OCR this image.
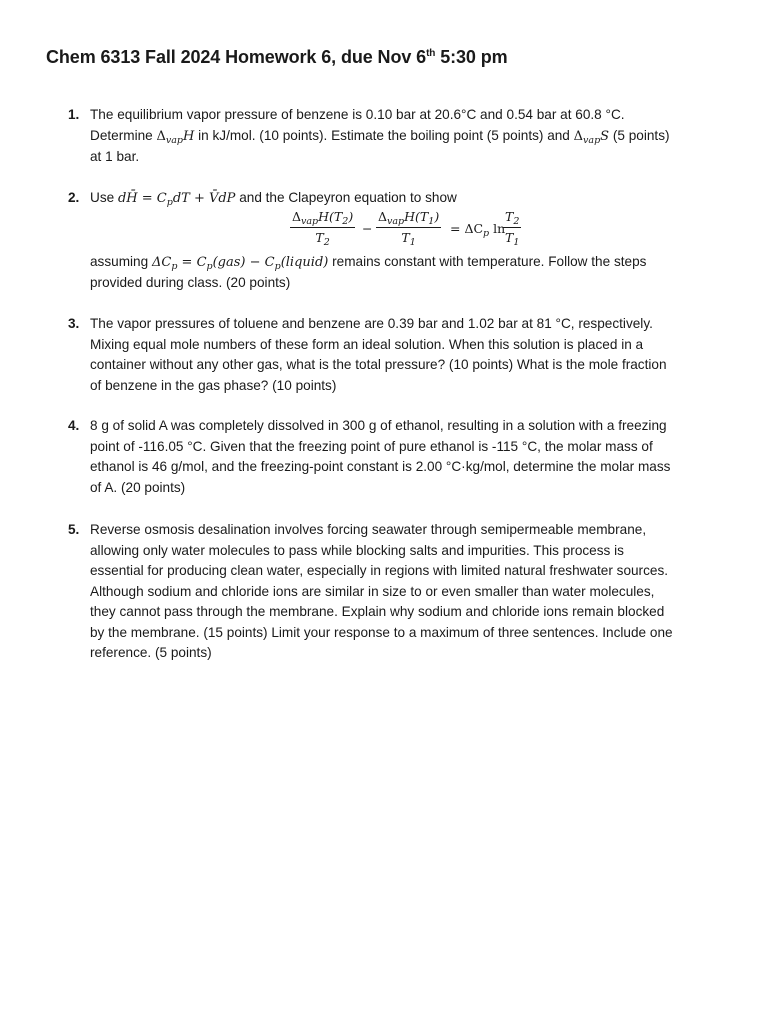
Chem 6313 Fall 2024 Homework 6, due Nov 6th 5:30 pm
1. The equilibrium vapor pressure of benzene is 0.10 bar at 20.6°C and 0.54 bar at 60.8 °C.
Determine $\Delta_{vap}H$ in kJ/mol. (10 points). Estimate the boiling point (5 points) and $\Delta_{vap}S$ (5 points)
at 1 bar.
2. Use dH̄ = $C_pdT$ + V̄dP and the Clapeyron equation to show
assuming $\Delta C_p = C_p(gas)$ − $C_p(liquid)$ remains constant with temperature. Follow the steps
provided during class. (20 points)
$\Delta_{vap}H(T_2)$
$T_2$
−
$\Delta_{vap}H(T_1)$
$T_1$
= $\Delta C_p$ ln
$\frac{T_2}{T_1}$
3. The vapor pressures of toluene and benzene are 0.39 bar and 1.02 bar at 81 °C, respectively.
Mixing equal mole numbers of these form an ideal solution. When this solution is placed in a
container without any other gas, what is the total pressure? (10 points) What is the mole fraction
of benzene in the gas phase? (10 points)
4. 8 g of solid A was completely dissolved in 300 g of ethanol, resulting in a solution with a freezing
point of -116.05 °C. Given that the freezing point of pure ethanol is -115 °C, the molar mass of
ethanol is 46 g/mol, and the freezing-point constant is 2.00 °C·kg/mol, determine the molar mass
of A. (20 points)
5. Reverse osmosis desalination involves forcing seawater through semipermeable membrane,
allowing only water molecules to pass while blocking salts and impurities. This process is
essential for producing clean water, especially in regions with limited natural freshwater sources.
Although sodium and chloride ions are similar in size to or even smaller than water molecules,
they cannot pass through the membrane. Explain why sodium and chloride ions remain blocked
by the membrane. (15 points) Limit your response to a maximum of three sentences. Include one
reference. (5 points)
